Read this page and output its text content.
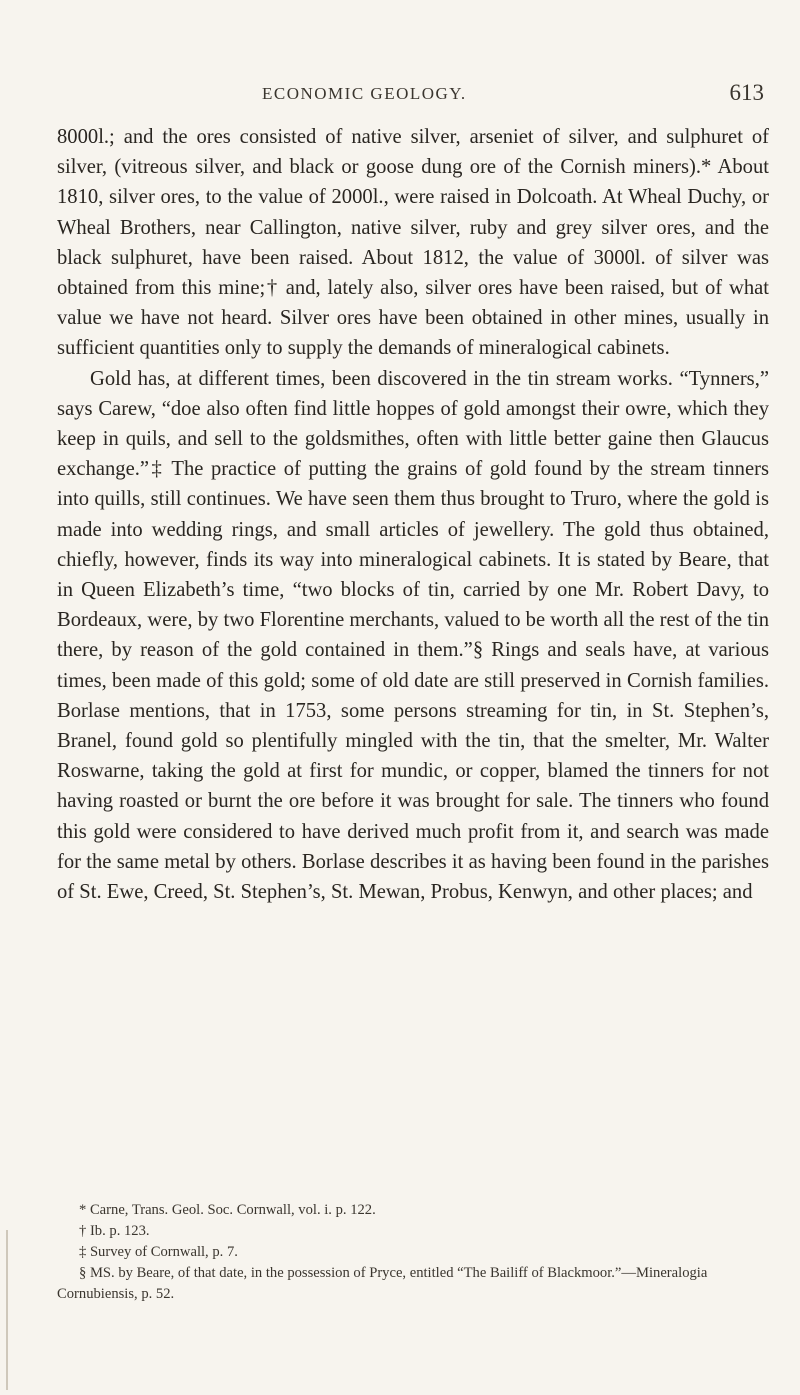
ECONOMIC GEOLOGY.	613

8000l.; and the ores consisted of native silver, arseniet of silver, and sulphuret of silver, (vitreous silver, and black or goose dung ore of the Cornish miners).* About 1810, silver ores, to the value of 2000l., were raised in Dolcoath. At Wheal Duchy, or Wheal Brothers, near Callington, native silver, ruby and grey silver ores, and the black sulphuret, have been raised. About 1812, the value of 3000l. of silver was obtained from this mine;† and, lately also, silver ores have been raised, but of what value we have not heard. Silver ores have been obtained in other mines, usually in sufficient quantities only to supply the demands of mineralogical cabinets.

Gold has, at different times, been discovered in the tin stream works. “Tynners,” says Carew, “doe also often find little hoppes of gold amongst their owre, which they keep in quils, and sell to the goldsmithes, often with little better gaine then Glaucus exchange.”‡ The practice of putting the grains of gold found by the stream tinners into quills, still continues. We have seen them thus brought to Truro, where the gold is made into wedding rings, and small articles of jewellery. The gold thus obtained, chiefly, however, finds its way into mineralogical cabinets. It is stated by Beare, that in Queen Elizabeth’s time, “two blocks of tin, carried by one Mr. Robert Davy, to Bordeaux, were, by two Florentine merchants, valued to be worth all the rest of the tin there, by reason of the gold contained in them.”§ Rings and seals have, at various times, been made of this gold; some of old date are still preserved in Cornish families. Borlase mentions, that in 1753, some persons streaming for tin, in St. Stephen’s, Branel, found gold so plentifully mingled with the tin, that the smelter, Mr. Walter Roswarne, taking the gold at first for mundic, or copper, blamed the tinners for not having roasted or burnt the ore before it was brought for sale. The tinners who found this gold were considered to have derived much profit from it, and search was made for the same metal by others. Borlase describes it as having been found in the parishes of St. Ewe, Creed, St. Stephen’s, St. Mewan, Probus, Kenwyn, and other places; and

* Carne, Trans. Geol. Soc. Cornwall, vol. i. p. 122.

† Ib. p. 123.

‡ Survey of Cornwall, p. 7.

§ MS. by Beare, of that date, in the possession of Pryce, entitled “The Bailiff of Blackmoor.”—Mineralogia Cornubiensis, p. 52.
